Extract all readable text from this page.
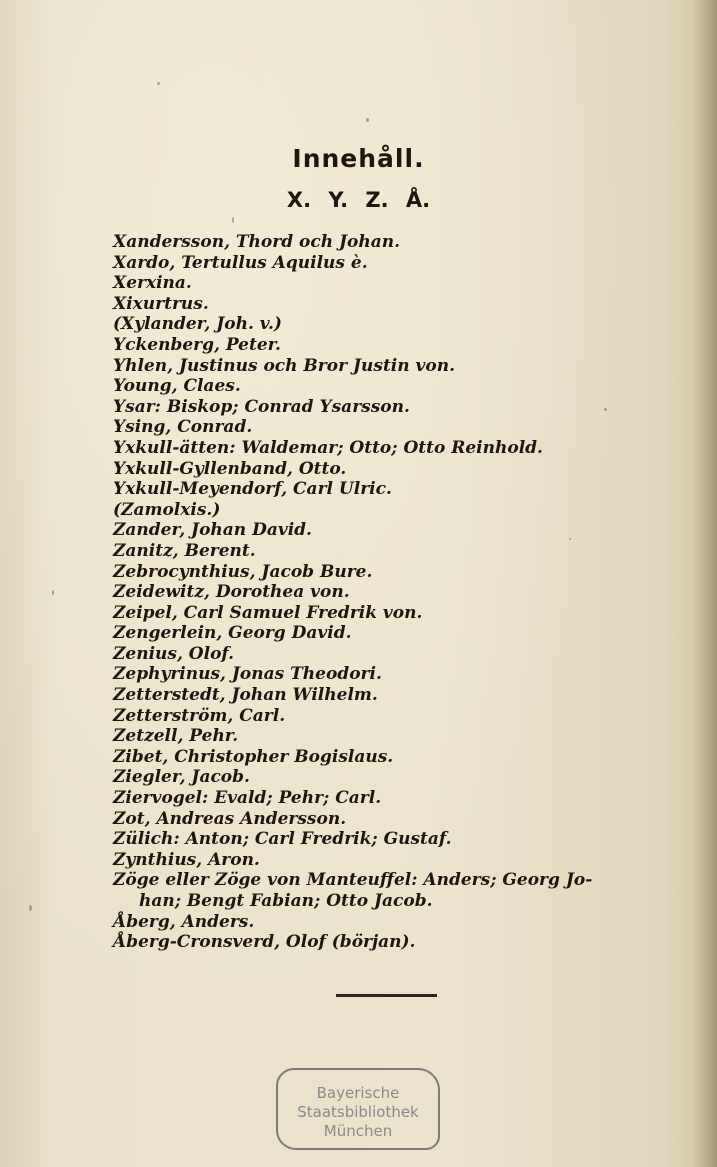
Innehåll.
X. Y. Z. Å.
Xandersson, Thord och Johan.
Xardo, Tertullus Aquilus è.
Xerxina.
Xixurtrus.
(Xylander, Joh. v.)
Yckenberg, Peter.
Yhlen, Justinus och Bror Justin von.
Young, Claes.
Ysar: Biskop; Conrad Ysarsson.
Ysing, Conrad.
Yxkull-ätten: Waldemar; Otto; Otto Reinhold.
Yxkull-Gyllenband, Otto.
Yxkull-Meyendorf, Carl Ulric.
(Zamolxis.)
Zander, Johan David.
Zanitz, Berent.
Zebrocynthius, Jacob Bure.
Zeidewitz, Dorothea von.
Zeipel, Carl Samuel Fredrik von.
Zengerlein, Georg David.
Zenius, Olof.
Zephyrinus, Jonas Theodori.
Zetterstedt, Johan Wilhelm.
Zetterström, Carl.
Zetzell, Pehr.
Zibet, Christopher Bogislaus.
Ziegler, Jacob.
Ziervogel: Evald; Pehr; Carl.
Zot, Andreas Andersson.
Zülich: Anton; Carl Fredrik; Gustaf.
Zynthius, Aron.
Zöge eller Zöge von Manteuffel: Anders; Georg Jo-
han; Bengt Fabian; Otto Jacob.
Åberg, Anders.
Åberg-Cronsverd, Olof (början).
Bayerische
Staatsbibliothek
München
